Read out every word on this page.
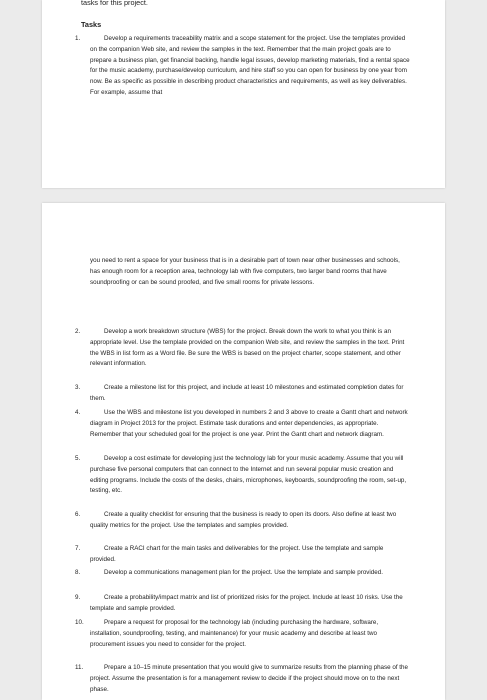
tasks for this project.
Tasks
1.	Develop a requirements traceability matrix and a scope statement for the project. Use the templates provided on the companion Web site, and review the samples in the text. Remember that the main project goals are to prepare a business plan, get financial backing, handle legal issues, develop marketing materials, find a rental space for the music academy, purchase/develop curriculum, and hire staff so you can open for business by one year from now. Be as specific as possible in describing product characteristics and requirements, as well as key deliverables. For example, assume that

you need to rent a space for your business that is in a desirable part of town near other businesses and schools, has enough room for a reception area, technology lab with five computers, two larger band rooms that have soundproofing or can be sound proofed, and five small rooms for private lessons.

2.	Develop a work breakdown structure (WBS) for the project. Break down the work to what you think is an appropriate level. Use the template provided on the companion Web site, and review the samples in the text. Print the WBS in list form as a Word file. Be sure the WBS is based on the project charter, scope statement, and other relevant information.

3.	Create a milestone list for this project, and include at least 10 milestones and estimated completion dates for them.

4.	Use the WBS and milestone list you developed in numbers 2 and 3 above to create a Gantt chart and network diagram in Project 2013 for the project. Estimate task durations and enter dependencies, as appropriate. Remember that your scheduled goal for the project is one year. Print the Gantt chart and network diagram.

5.	Develop a cost estimate for developing just the technology lab for your music academy. Assume that you will purchase five personal computers that can connect to the Internet and run several popular music creation and editing programs. Include the costs of the desks, chairs, microphones, keyboards, soundproofing the room, set-up, testing, etc.

6.	Create a quality checklist for ensuring that the business is ready to open its doors. Also define at least two quality metrics for the project. Use the templates and samples provided.

7.	Create a RACI chart for the main tasks and deliverables for the project. Use the template and sample provided.

8.	Develop a communications management plan for the project. Use the template and sample provided.

9.	Create a probability/impact matrix and list of prioritized risks for the project. Include at least 10 risks. Use the template and sample provided.

10.	Prepare a request for proposal for the technology lab (including purchasing the hardware, software, installation, soundproofing, testing, and maintenance) for your music academy and describe at least two procurement issues you need to consider for the project.

11.	Prepare a 10–15 minute presentation that you would give to summarize results from the planning phase of the project. Assume the presentation is for a management review to decide if the project should move on to the next phase.
